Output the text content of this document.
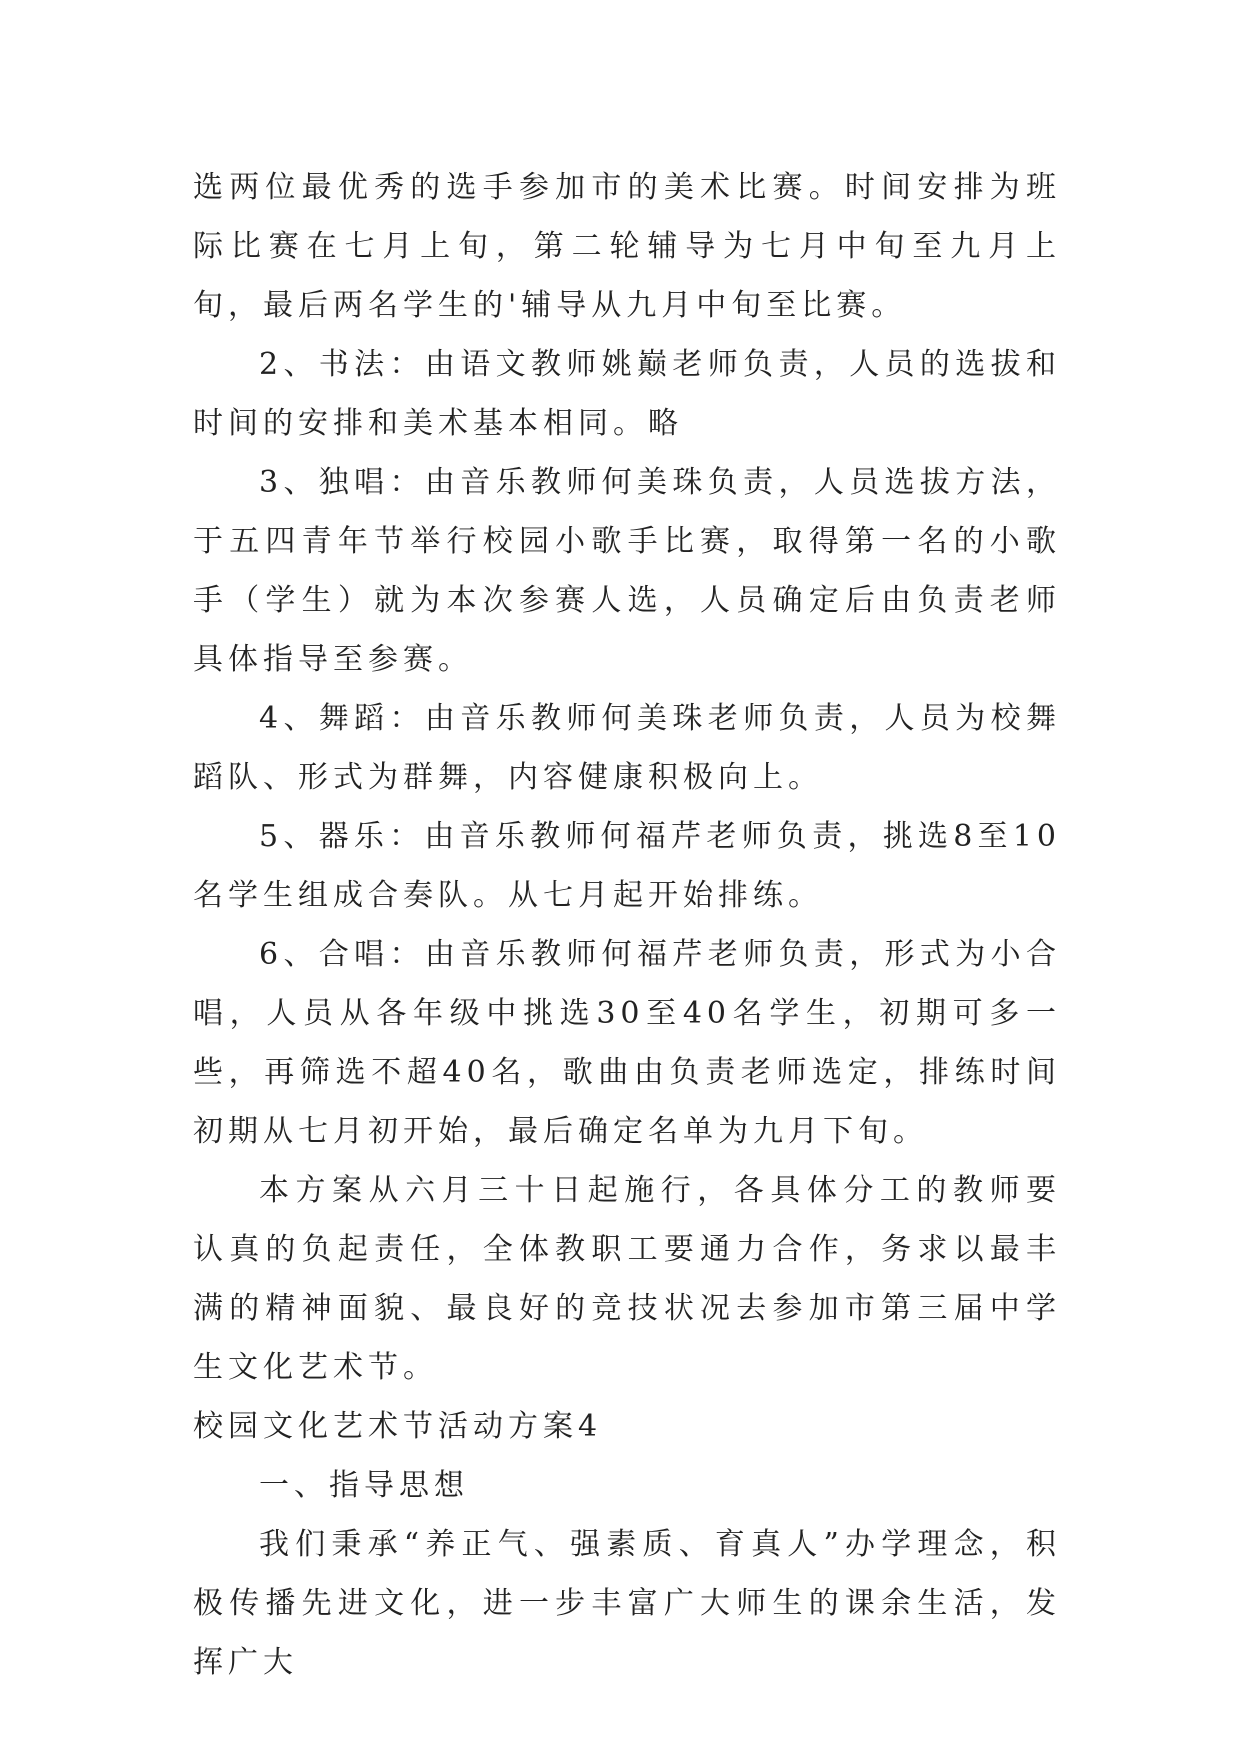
选两位最优秀的选手参加市的美术比赛。时间安排为班际比赛在七月上旬，第二轮辅导为七月中旬至九月上旬，最后两名学生的'辅导从九月中旬至比赛。

2、书法：由语文教师姚巅老师负责，人员的选拔和时间的安排和美术基本相同。略

3、独唱：由音乐教师何美珠负责，人员选拔方法，于五四青年节举行校园小歌手比赛，取得第一名的小歌手（学生）就为本次参赛人选，人员确定后由负责老师具体指导至参赛。

4、舞蹈：由音乐教师何美珠老师负责，人员为校舞蹈队、形式为群舞，内容健康积极向上。

5、器乐：由音乐教师何福芹老师负责，挑选8至10名学生组成合奏队。从七月起开始排练。

6、合唱：由音乐教师何福芹老师负责，形式为小合唱，人员从各年级中挑选30至40名学生，初期可多一些，再筛选不超40名，歌曲由负责老师选定，排练时间初期从七月初开始，最后确定名单为九月下旬。

本方案从六月三十日起施行，各具体分工的教师要认真的负起责任，全体教职工要通力合作，务求以最丰满的精神面貌、最良好的竞技状况去参加市第三届中学生文化艺术节。

校园文化艺术节活动方案4

一、指导思想

我们秉承“养正气、强素质、育真人”办学理念，积极传播先进文化，进一步丰富广大师生的课余生活，发挥广大
